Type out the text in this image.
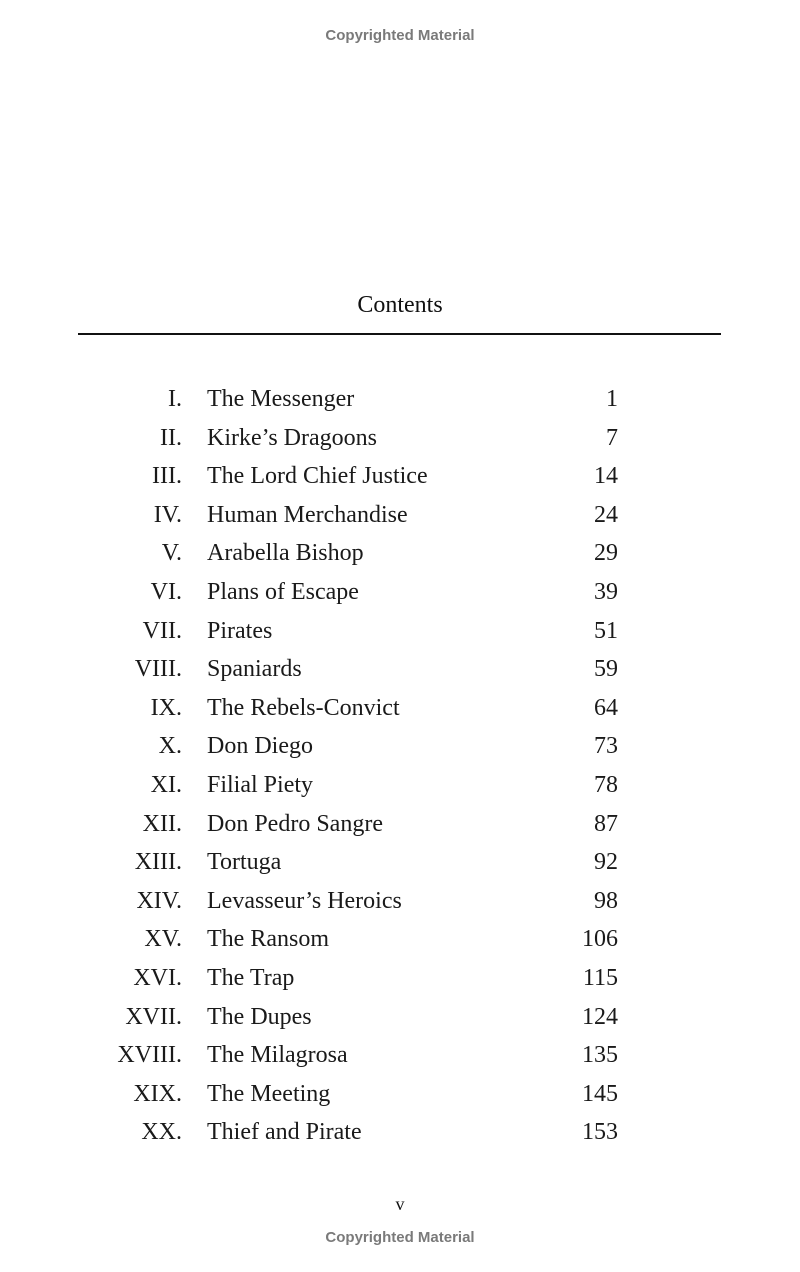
Copyrighted Material
Contents
I. The Messenger	1
II. Kirke’s Dragoons	7
III. The Lord Chief Justice	14
IV. Human Merchandise	24
V. Arabella Bishop	29
VI. Plans of Escape	39
VII. Pirates	51
VIII. Spaniards	59
IX. The Rebels-Convict	64
X. Don Diego	73
XI. Filial Piety	78
XII. Don Pedro Sangre	87
XIII. Tortuga	92
XIV. Levasseur’s Heroics	98
XV. The Ransom	106
XVI. The Trap	115
XVII. The Dupes	124
XVIII. The Milagrosa	135
XIX. The Meeting	145
XX. Thief and Pirate	153
v
Copyrighted Material
